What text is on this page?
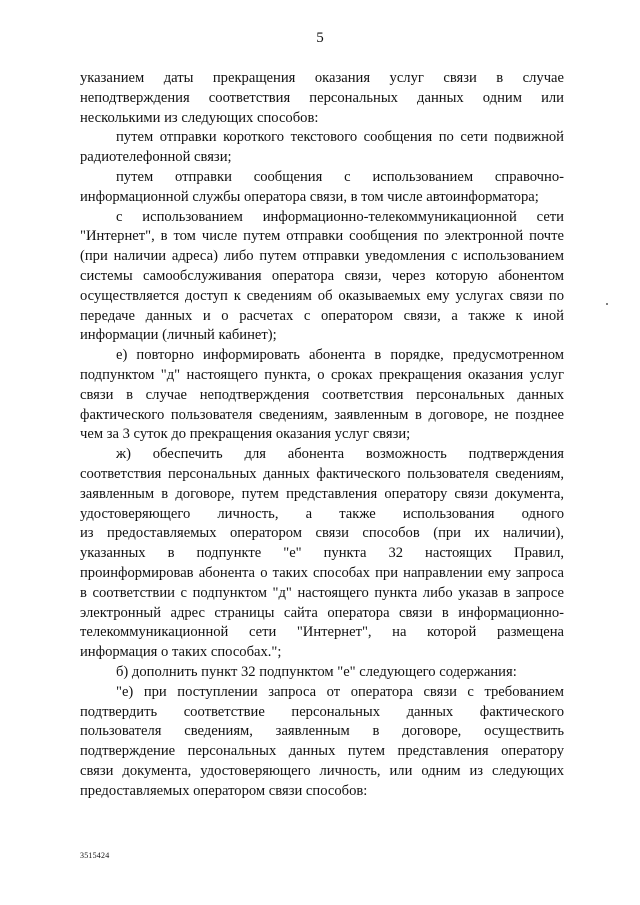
5
указанием даты прекращения оказания услуг связи в случае
неподтверждения соответствия персональных данных одним или
несколькими из следующих способов:
путем отправки короткого текстового сообщения по сети подвижной
радиотелефонной связи;
путем отправки сообщения с использованием справочно-
информационной службы оператора связи, в том числе автоинформатора;
с использованием информационно-телекоммуникационной сети
"Интернет", в том числе путем отправки сообщения по электронной почте
(при наличии адреса) либо путем отправки уведомления с использованием
системы самообслуживания оператора связи, через которую абонентом
осуществляется доступ к сведениям об оказываемых ему услугах связи по
передаче данных и о расчетах с оператором связи, а также к иной
информации (личный кабинет);
е) повторно информировать абонента в порядке, предусмотренном
подпунктом "д" настоящего пункта, о сроках прекращения оказания услуг
связи в случае неподтверждения соответствия персональных данных
фактического пользователя сведениям, заявленным в договоре, не позднее
чем за 3 суток до прекращения оказания услуг связи;
ж) обеспечить для абонента возможность подтверждения
соответствия персональных данных фактического пользователя сведениям,
заявленным в договоре, путем представления оператору связи документа,
удостоверяющего личность, а также использования одного
из предоставляемых оператором связи способов (при их наличии),
указанных в подпункте "е" пункта 32 настоящих Правил,
проинформировав абонента о таких способах при направлении ему запроса
в соответствии с подпунктом "д" настоящего пункта либо указав в запросе
электронный адрес страницы сайта оператора связи в информационно-
телекоммуникационной сети "Интернет", на которой размещена
информация о таких способах.";
б) дополнить пункт 32 подпунктом "е" следующего содержания:
"е) при поступлении запроса от оператора связи с требованием
подтвердить соответствие персональных данных фактического
пользователя сведениям, заявленным в договоре, осуществить
подтверждение персональных данных путем представления оператору
связи документа, удостоверяющего личность, или одним из следующих
предоставляемых оператором связи способов:
3515424
